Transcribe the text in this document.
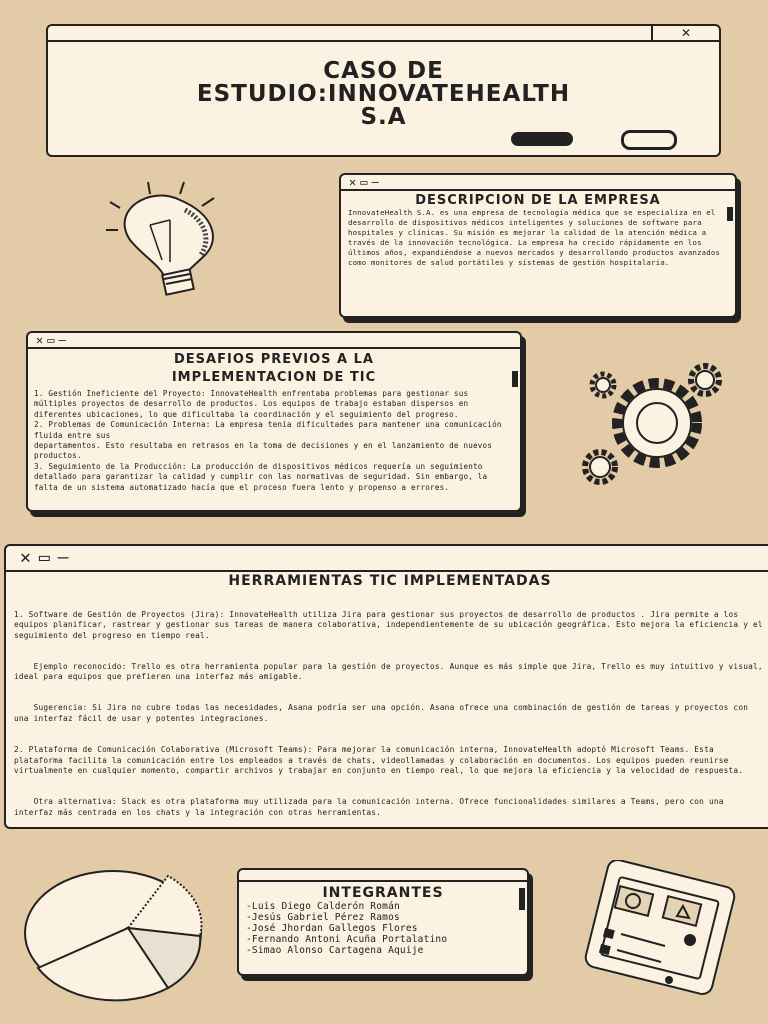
✕
CASO DE
ESTUDIO:INNOVATEHEALTH
S.A
✕▭—
DESCRIPCION DE LA EMPRESA
InnovateHealth S.A. es una empresa de tecnología médica que se especializa en el desarrollo de dispositivos médicos inteligentes y soluciones de software para hospitales y clínicas. Su misión es mejorar la calidad de la atención médica a través de la innovación tecnológica. La empresa ha crecido rápidamente en los últimos años, expandiéndose a nuevos mercados y desarrollando productos avanzados como monitores de salud portátiles y sistemas de gestión hospitalaria.
✕▭—
DESAFIOS PREVIOS A LA
IMPLEMENTACION DE TIC

1. Gestión Ineficiente del Proyecto: InnovateHealth enfrentaba problemas para gestionar sus múltiples proyectos de desarrollo de productos. Los equipos de trabajo estaban dispersos en diferentes ubicaciones, lo que dificultaba la coordinación y el seguimiento del progreso.

2. Problemas de Comunicación Interna: La empresa tenía dificultades para mantener una comunicación fluida entre sus

departamentos. Esto resultaba en retrasos en la toma de decisiones y en el lanzamiento de nuevos productos.

3. Seguimiento de la Producción: La producción de dispositivos médicos requería un seguimiento detallado para garantizar la calidad y cumplir con las normativas de seguridad. Sin embargo, la falta de un sistema automatizado hacía que el proceso fuera lento y propenso a errores.

✕▭—
HERRAMIENTAS TIC IMPLEMENTADAS

1. Software de Gestión de Proyectos (Jira): InnovateHealth utiliza Jira para gestionar sus proyectos de desarrollo de productos . Jira permite a los equipos planificar, rastrear y gestionar sus tareas de manera colaborativa, independientemente de su ubicación geográfica. Esto mejora la eficiencia y el seguimiento del progreso en tiempo real.

Ejemplo reconocido: Trello es otra herramienta popular para la gestión de proyectos. Aunque es más simple que Jira, Trello es muy intuitivo y visual, ideal para equipos que prefieren una interfaz más amigable.

Sugerencia: Si Jira no cubre todas las necesidades, Asana podría ser una opción. Asana ofrece una combinación de gestión de tareas y proyectos con una interfaz fácil de usar y potentes integraciones.

2. Plataforma de Comunicación Colaborativa (Microsoft Teams): Para mejorar la comunicación interna, InnovateHealth adoptó Microsoft Teams. Esta plataforma facilita la comunicación entre los empleados a través de chats, videollamadas y colaboración en documentos. Los equipos pueden reunirse virtualmente en cualquier momento, compartir archivos y trabajar en conjunto en tiempo real, lo que mejora la eficiencia y la velocidad de respuesta.

Otra alternativa: Slack es otra plataforma muy utilizada para la comunicación interna. Ofrece funcionalidades similares a Teams, pero con una interfaz más centrada en los chats y la integración con otras herramientas.

INTEGRANTES
-Luis Diego Calderón Román
-Jesús Gabriel Pérez Ramos
-José Jhordan Gallegos Flores
-Fernando Antoni Acuña Portalatino
-Simao Alonso Cartagena Aquije
